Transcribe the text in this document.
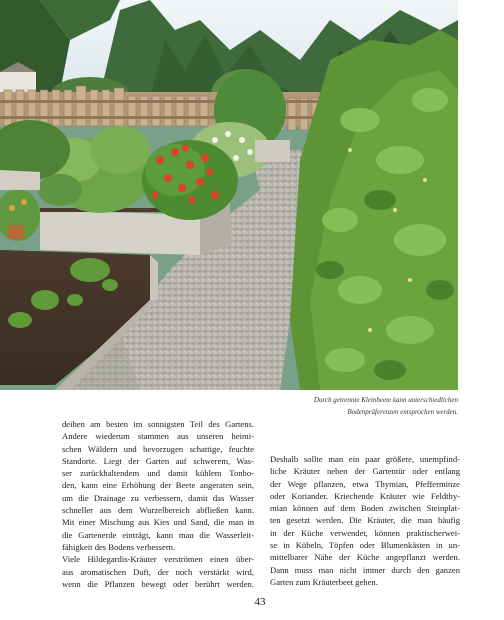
Durch getrennte Kleinbeete kann unterschiedlichen
Bodenpräferenzen entsprochen werden.
deihen am besten im sonnigsten Teil des Gartens.
Andere wiederum stammen aus unseren heimi-
schen Wäldern und bevorzugen schattige, feuchte
Standorte. Liegt der Garten auf schwerem, Was-
ser zurückhaltendem und damit kühlem Tonbo-
den, kann eine Erhöhung der Beete angeraten sein,
um die Drainage zu verbessern, damit das Wasser
schneller aus dem Wurzelbereich abfließen kann.
Mit einer Mischung aus Kies und Sand, die man in
die Gartenerde einträgt, kann man die Wasserleit-
fähigkeit des Bodens verbessern.
Viele Hildegardis-Kräuter verströmen einen über-
aus aromatischen Duft, der noch verstärkt wird,
wenn die Pflanzen bewegt oder berührt werden.
Deshalb sollte man ein paar größere, unempfind-
liche Kräuter neben der Gartentür oder entlang
der Wege pflanzen, etwa Thymian, Pfefferminze
oder Koriander. Kriechende Kräuter wie Feldthy-
mian können auf dem Boden zwischen Steinplat-
ten gesetzt werden. Die Kräuter, die man häufig
in der Küche verwendet, können praktischerwei-
se in Kübeln, Töpfen oder Blumenkästen in un-
mittelbarer Nähe der Küche angepflanzt werden.
Dann muss man nicht immer durch den ganzen
Garten zum Kräuterbeet gehen.
43
